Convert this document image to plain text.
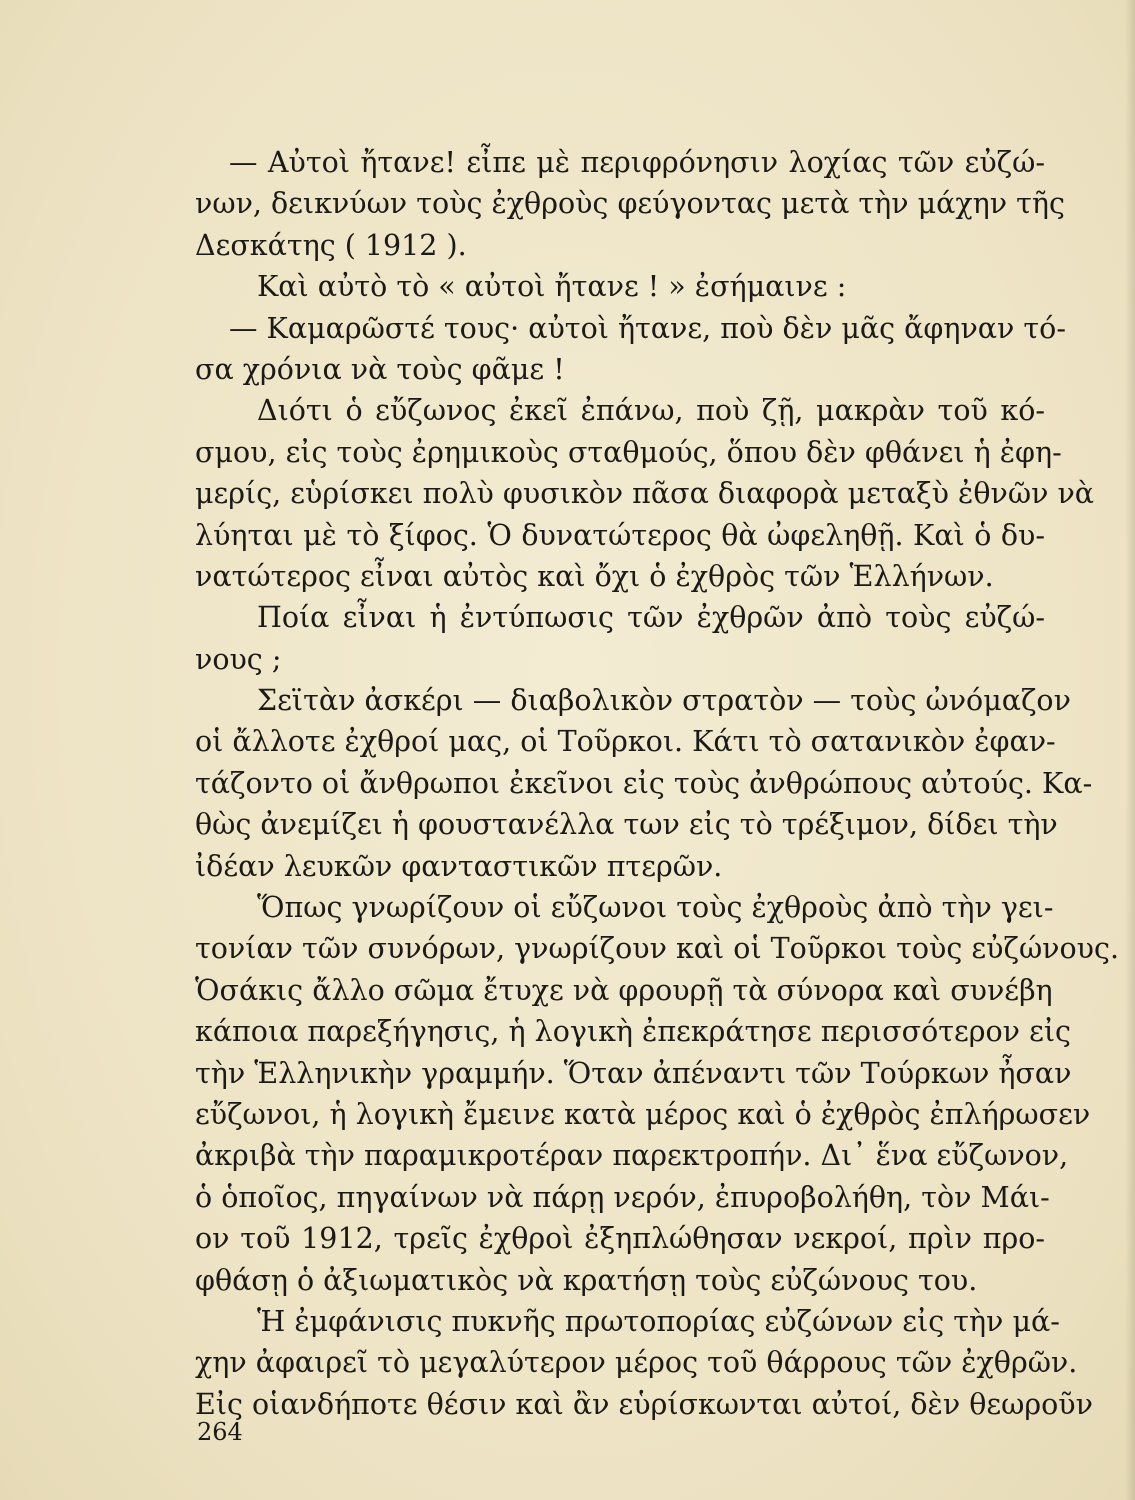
— Αὐτοὶ ἤτανε! εἶπε μὲ περιφρόνησιν λοχίας τῶν εὐζώ-
νων, δεικνύων τοὺς ἐχθροὺς φεύγοντας μετὰ τὴν μάχην τῆς
Δεσκάτης ( 1912 ).
Καὶ αὐτὸ τὸ « αὐτοὶ ἤτανε ! » ἐσήμαινε :
— Καμαρῶστέ τους· αὐτοὶ ἤτανε, ποὺ δὲν μᾶς ἄφηναν τό-
σα χρόνια νὰ τοὺς φᾶμε !
Διότι ὁ εὔζωνος ἐκεῖ ἐπάνω, ποὺ ζῇ, μακρὰν τοῦ κό-
σμου, εἰς τοὺς ἐρημικοὺς σταθμούς, ὅπου δὲν φθάνει ἡ ἐφη-
μερίς, εὑρίσκει πολὺ φυσικὸν πᾶσα διαφορὰ μεταξὺ ἐθνῶν νὰ
λύηται μὲ τὸ ξίφος. Ὁ δυνατώτερος θὰ ὠφεληθῇ. Καὶ ὁ δυ-
νατώτερος εἶναι αὐτὸς καὶ ὄχι ὁ ἐχθρὸς τῶν Ἑλλήνων.
Ποία εἶναι ἡ ἐντύπωσις τῶν ἐχθρῶν ἀπὸ τοὺς εὐζώ-
νους ;
Σεϊτὰν ἀσκέρι — διαβολικὸν στρατὸν — τοὺς ὠνόμαζον
οἱ ἄλλοτε ἐχθροί μας, οἱ Τοῦρκοι. Κάτι τὸ σατανικὸν ἐφαν-
τάζοντο οἱ ἄνθρωποι ἐκεῖνοι εἰς τοὺς ἀνθρώπους αὐτούς. Κα-
θὼς ἀνεμίζει ἡ φουστανέλλα των εἰς τὸ τρέξιμον, δίδει τὴν
ἰδέαν λευκῶν φανταστικῶν πτερῶν.
Ὅπως γνωρίζουν οἱ εὔζωνοι τοὺς ἐχθροὺς ἀπὸ τὴν γει-
τονίαν τῶν συνόρων, γνωρίζουν καὶ οἱ Τοῦρκοι τοὺς εὐζώνους.
Ὁσάκις ἄλλο σῶμα ἔτυχε νὰ φρουρῇ τὰ σύνορα καὶ συνέβη
κάποια παρεξήγησις, ἡ λογικὴ ἐπεκράτησε περισσότερον εἰς
τὴν Ἑλληνικὴν γραμμήν. Ὅταν ἀπέναντι τῶν Τούρκων ἦσαν
εὔζωνοι, ἡ λογικὴ ἔμεινε κατὰ μέρος καὶ ὁ ἐχθρὸς ἐπλήρωσεν
ἀκριβὰ τὴν παραμικροτέραν παρεκτροπήν. Δι᾽ ἕνα εὔζωνον,
ὁ ὁποῖος, πηγαίνων νὰ πάρῃ νερόν, ἐπυροβολήθη, τὸν Μάι-
ον τοῦ 1912, τρεῖς ἐχθροὶ ἐξηπλώθησαν νεκροί, πρὶν προ-
φθάσῃ ὁ ἀξιωματικὸς νὰ κρατήσῃ τοὺς εὐζώνους του.
Ἡ ἐμφάνισις πυκνῆς πρωτοπορίας εὐζώνων εἰς τὴν μά-
χην ἀφαιρεῖ τὸ μεγαλύτερον μέρος τοῦ θάρρους τῶν ἐχθρῶν.
Εἰς οἱανδήποτε θέσιν καὶ ἂν εὑρίσκωνται αὐτοί, δὲν θεωροῦν
264
